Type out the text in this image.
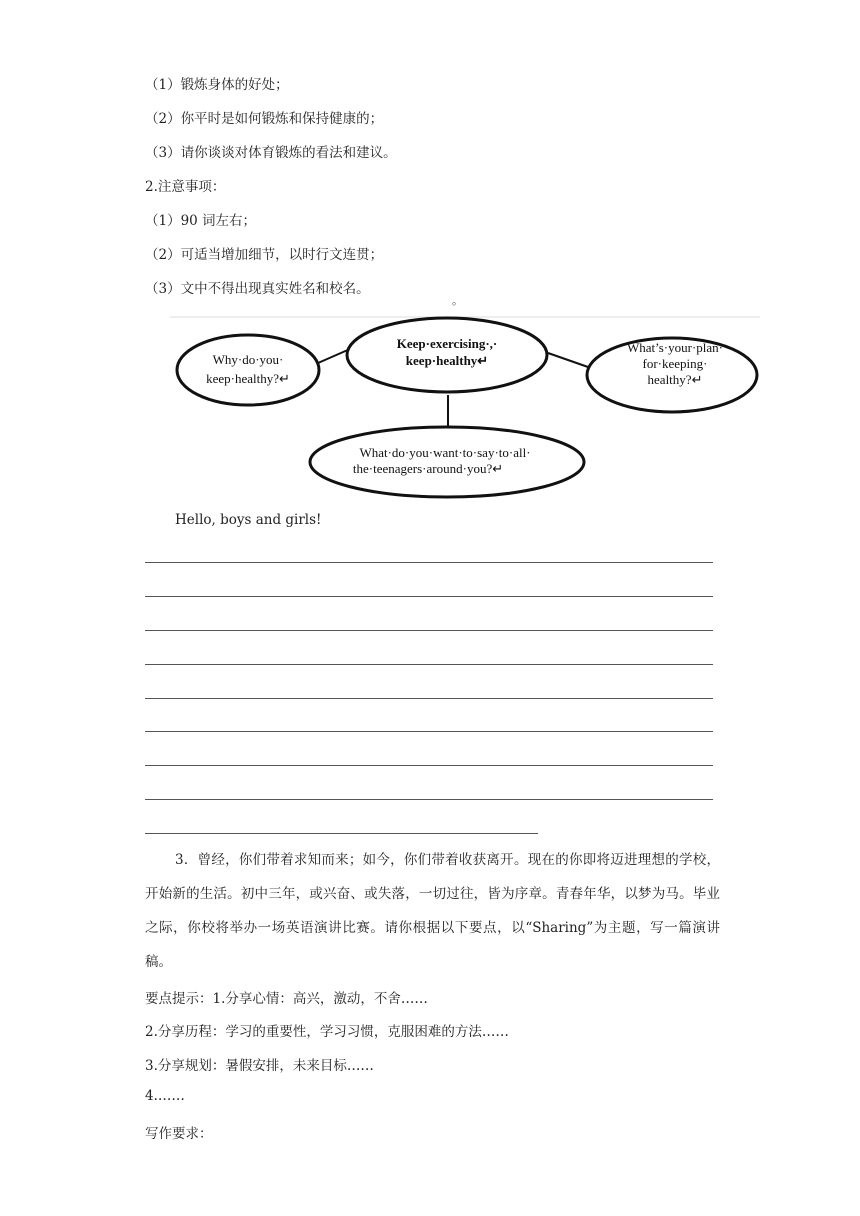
（1）锻炼身体的好处；
（2）你平时是如何锻炼和保持健康的；
（3）请你谈谈对体育锻炼的看法和建议。
2.注意事项：
（1）90 词左右；
（2）可适当增加细节，以时行文连贯；
（3）文中不得出现真实姓名和校名。
。
Why·do·you·
keep·healthy?↵
Keep·exercising·,·
keep·healthy↵
What’s·your·plan·
for·keeping·
healthy?↵
What·do·you·want·to·say·to·all·
the·teenagers·around·you?↵
Hello, boys and girls!
3．曾经，你们带着求知而来；如今，你们带着收获离开。现在的你即将迈进理想的学校，开始新的生活。初中三年，或兴奋、或失落，一切过往，皆为序章。青春年华，以梦为马。毕业之际，你校将举办一场英语演讲比赛。请你根据以下要点，以“Sharing”为主题，写一篇演讲稿。
要点提示：1.分享心情：高兴，激动，不舍……
2.分享历程：学习的重要性，学习习惯，克服困难的方法……
3.分享规划：暑假安排，未来目标……
4.……
写作要求：
